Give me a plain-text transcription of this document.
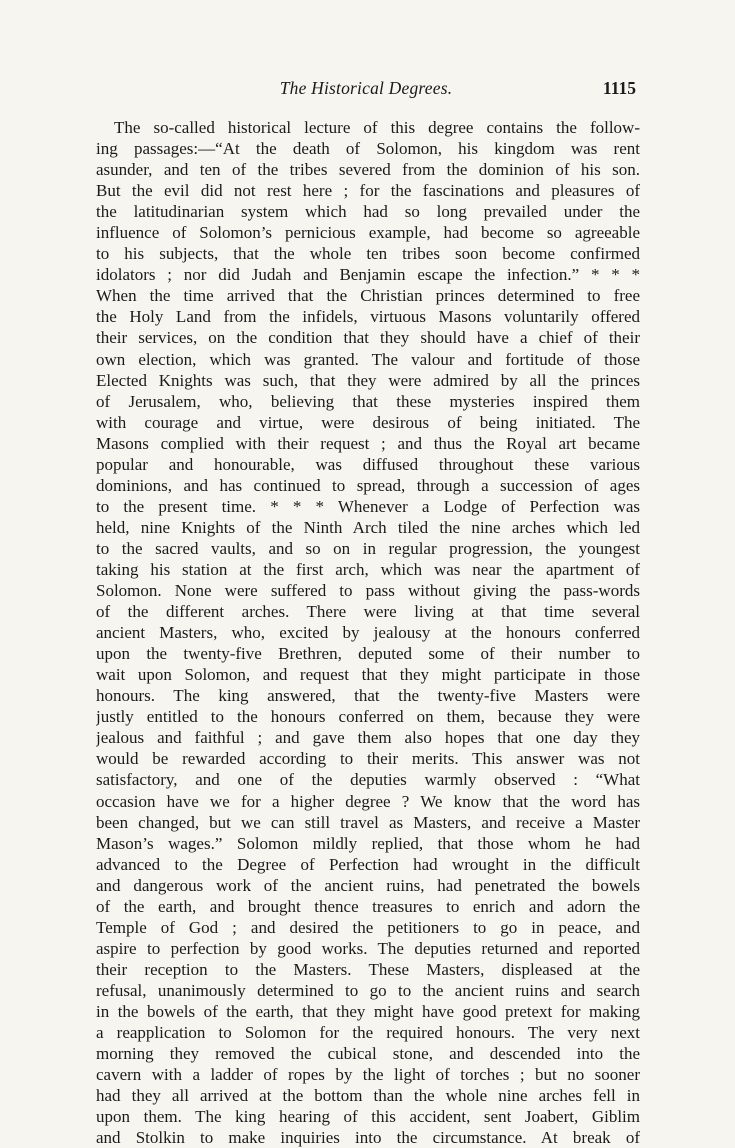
The Historical Degrees.	1115
The so-called historical lecture of this degree contains the follow-
ing passages:—“At the death of Solomon, his kingdom was rent
asunder, and ten of the tribes severed from the dominion of his son.
But the evil did not rest here ; for the fascinations and pleasures of
the latitudinarian system which had so long prevailed under the
influence of Solomon’s pernicious example, had become so agreeable
to his subjects, that the whole ten tribes soon become confirmed
idolators ; nor did Judah and Benjamin escape the infection.” * * *
When the time arrived that the Christian princes determined to free
the Holy Land from the infidels, virtuous Masons voluntarily offered
their services, on the condition that they should have a chief of their
own election, which was granted. The valour and fortitude of those
Elected Knights was such, that they were admired by all the princes
of Jerusalem, who, believing that these mysteries inspired them
with courage and virtue, were desirous of being initiated. The
Masons complied with their request ; and thus the Royal art became
popular and honourable, was diffused throughout these various
dominions, and has continued to spread, through a succession of ages
to the present time. * * * Whenever a Lodge of Perfection was
held, nine Knights of the Ninth Arch tiled the nine arches which led
to the sacred vaults, and so on in regular progression, the youngest
taking his station at the first arch, which was near the apartment of
Solomon. None were suffered to pass without giving the pass-words
of the different arches. There were living at that time several
ancient Masters, who, excited by jealousy at the honours conferred
upon the twenty-five Brethren, deputed some of their number to
wait upon Solomon, and request that they might participate in those
honours. The king answered, that the twenty-five Masters were
justly entitled to the honours conferred on them, because they were
jealous and faithful ; and gave them also hopes that one day they
would be rewarded according to their merits. This answer was not
satisfactory, and one of the deputies warmly observed : “What
occasion have we for a higher degree ? We know that the word has
been changed, but we can still travel as Masters, and receive a Master
Mason’s wages.” Solomon mildly replied, that those whom he had
advanced to the Degree of Perfection had wrought in the difficult
and dangerous work of the ancient ruins, had penetrated the bowels
of the earth, and brought thence treasures to enrich and adorn the
Temple of God ; and desired the petitioners to go in peace, and
aspire to perfection by good works. The deputies returned and reported
their reception to the Masters. These Masters, displeased at the
refusal, unanimously determined to go to the ancient ruins and search
in the bowels of the earth, that they might have good pretext for making
a reapplication to Solomon for the required honours. The very next
morning they removed the cubical stone, and descended into the
cavern with a ladder of ropes by the light of torches ; but no sooner
had they all arrived at the bottom than the whole nine arches fell in
upon them. The king hearing of this accident, sent Joabert, Giblim
and Stolkin to make inquiries into the circumstance. At break of
